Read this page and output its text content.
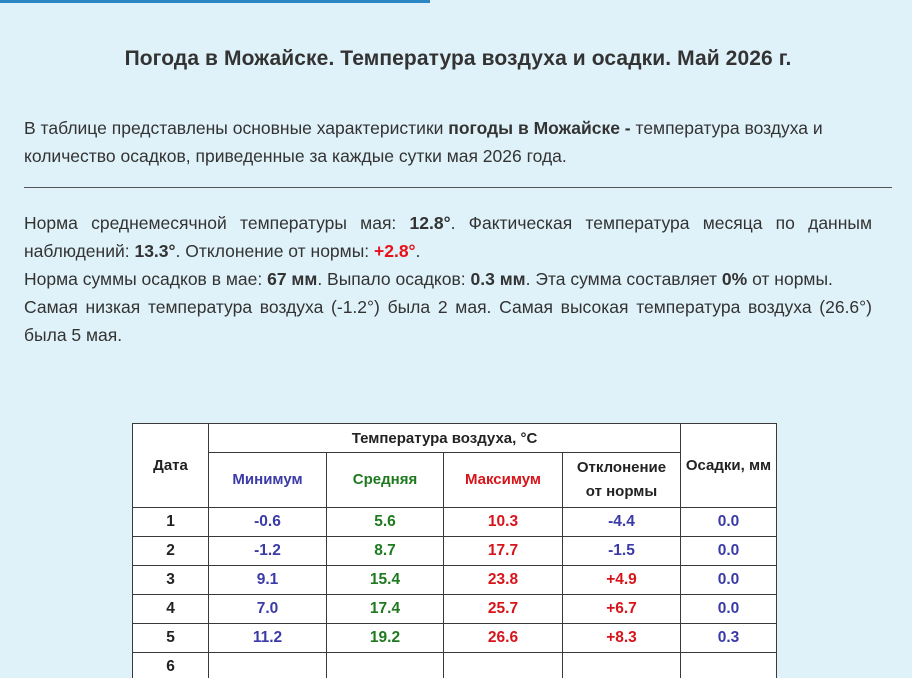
Погода в Можайске. Температура воздуха и осадки. Май 2026 г.
В таблице представлены основные характеристики погоды в Можайске - температура воздуха и количество осадков, приведенные за каждые сутки мая 2026 года.

Норма среднемесячной температуры мая: 12.8°. Фактическая температура месяца по данным наблюдений: 13.3°. Отклонение от нормы: +2.8°.

Норма суммы осадков в мае: 67 мм. Выпало осадков: 0.3 мм. Эта сумма составляет 0% от нормы.

Самая низкая температура воздуха (-1.2°) была 2 мая. Самая высокая температура воздуха (26.6°) была 5 мая.

Дата	Температура воздуха, °C				Осадки, мм
	Минимум	Средняя	Максимум	Отклонение
от нормы	
1	-0.6	5.6	10.3	-4.4	0.0
2	-1.2	8.7	17.7	-1.5	0.0
3	9.1	15.4	23.8	+4.9	0.0
4	7.0	17.4	25.7	+6.7	0.0
5	11.2	19.2	26.6	+8.3	0.3
6					
